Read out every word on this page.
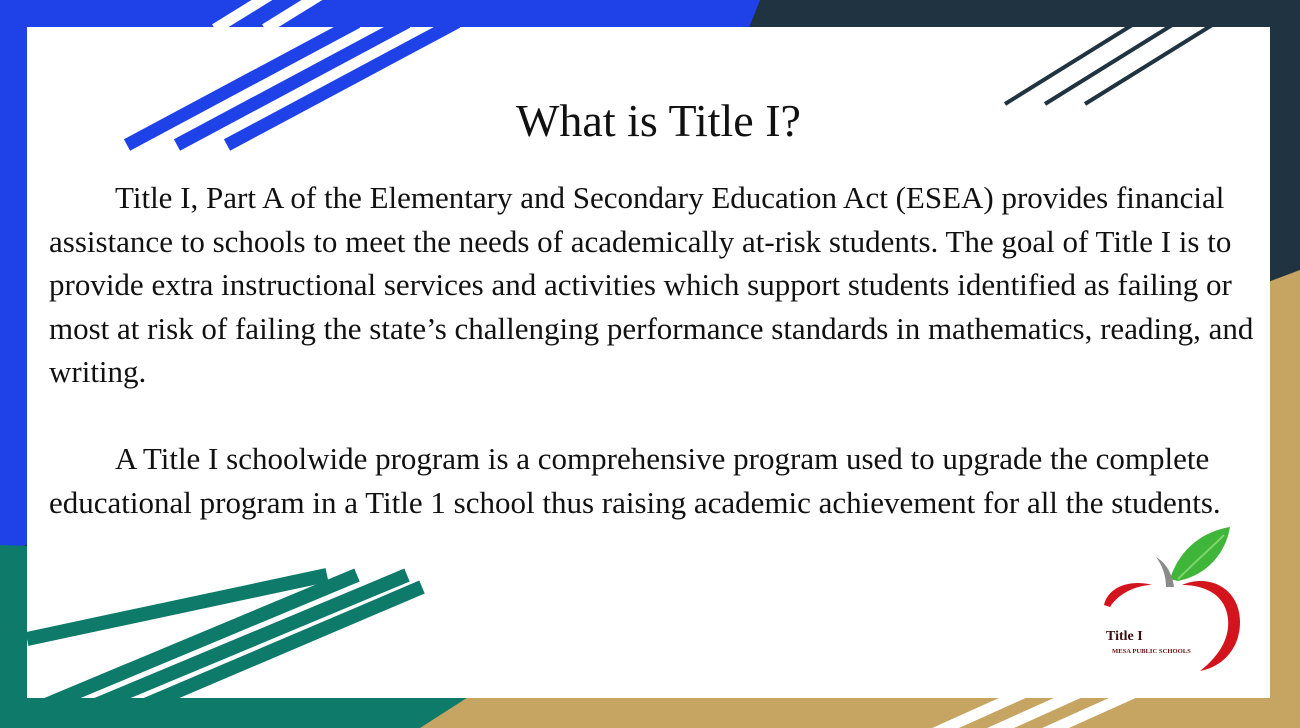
What is Title I?

Title I, Part A of the Elementary and Secondary Education Act (ESEA) provides financial assistance to schools to meet the needs of academically at-risk students. The goal of Title I is to provide extra instructional services and activities which support students identified as failing or most at risk of failing the state’s challenging performance standards in mathematics, reading, and writing.

A Title I schoolwide program is a comprehensive program used to upgrade the complete educational program in a Title 1 school thus raising academic achievement for all the students.

Title I
MESA PUBLIC SCHOOLS
